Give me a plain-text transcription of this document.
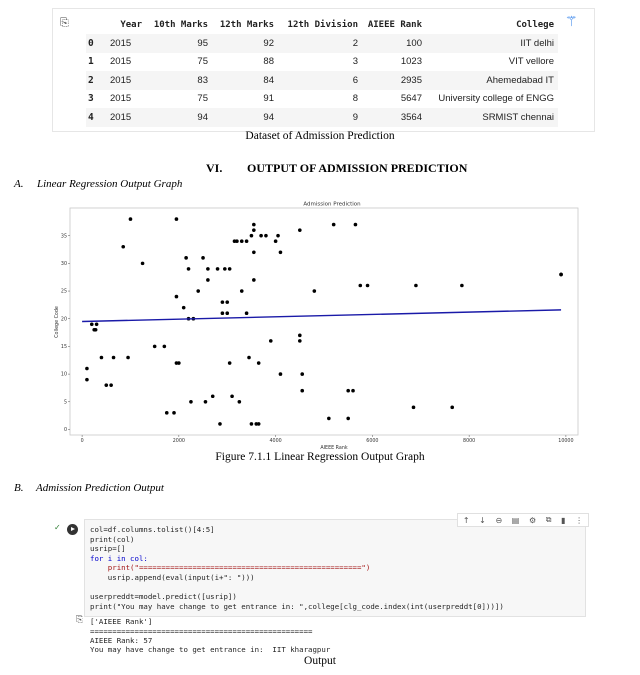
⎘	⚚
	Year	10th Marks	12th Marks	12th Division	AIEEE Rank	College
0	2015	95	92	2	100	IIT delhi
1	2015	75	88	3	1023	VIT vellore
2	2015	83	84	6	2935	Ahemedabad IT
3	2015	75	91	8	5647	University college of ENGG
4	2015	94	94	9	3564	SRMIST chennai
Dataset of Admission Prediction
VI. OUTPUT OF ADMISSION PREDICTION
A. Linear Regression Output Graph
Admission Prediction
AIEEE Rank
College Code
0	2000	4000	6000	8000	10000
0
5
10
15
20
25
30
35
Figure 7.1.1 Linear Regression Output Graph
B. Admission Prediction Output
col=df.columns.tolist()[4:5]
print(col)
usrip=[]
for i in col:
print("==================================================")
usrip.append(eval(input(i+": ")))
userpreddt=model.predict([usrip])
print("You may have change to get entrance in: ",college[clg_code.index(int(userpreddt[0]))])
⎘ ['AIEEE Rank']
==================================================
AIEEE Rank: 57
You may have change to get entrance in:  IIT kharagpur
✓
↑ ↓ ⊖ ▤ ⚙ ⧉ ▮ ⋮
Output
